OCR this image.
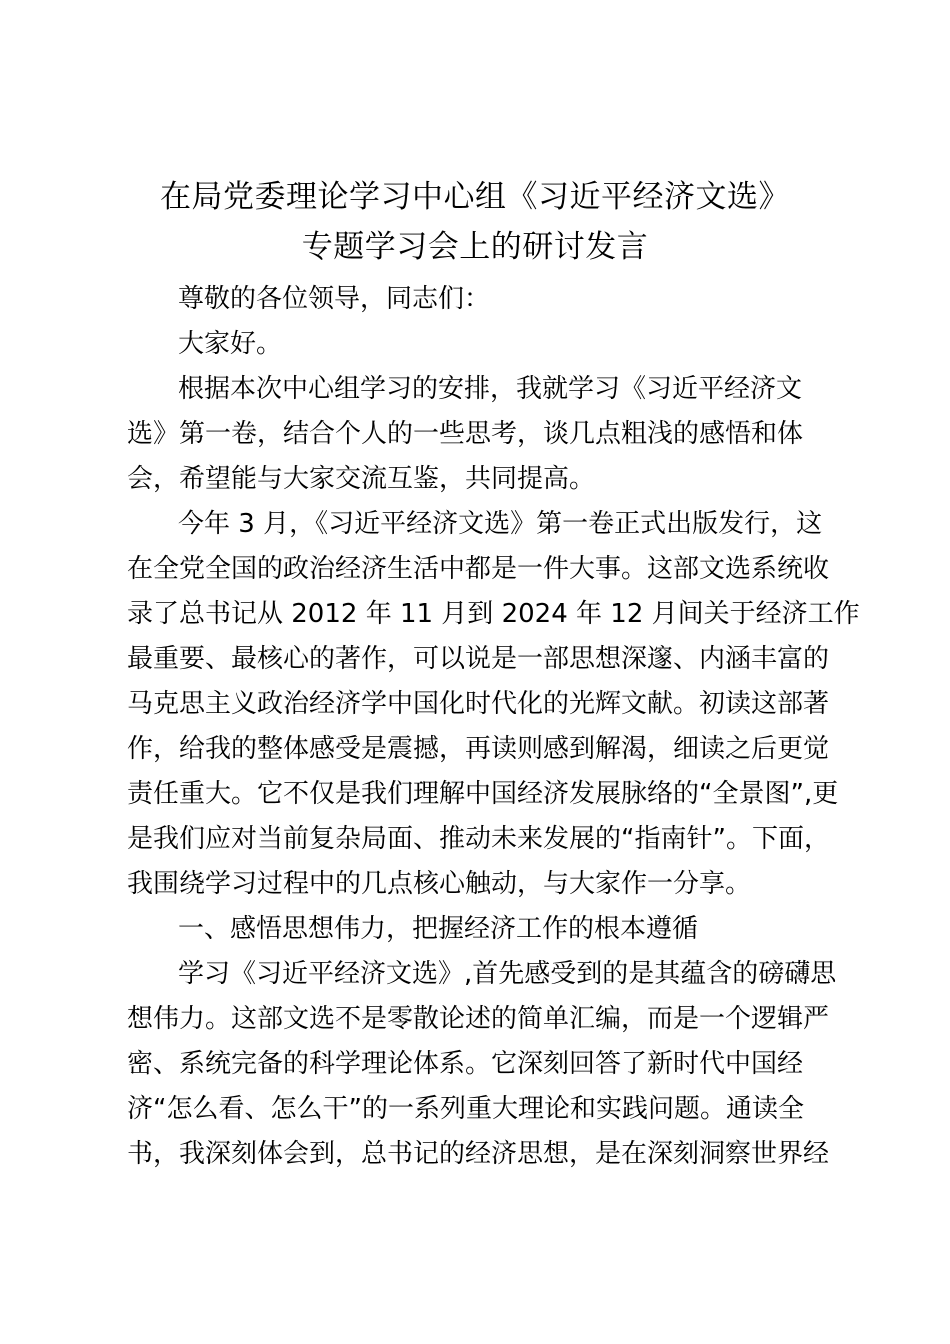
在局党委理论学习中心组《习近平经济文选》
专题学习会上的研讨发言

尊敬的各位领导，同志们：

大家好。

根据本次中心组学习的安排，我就学习《习近平经济文

选》第一卷，结合个人的一些思考，谈几点粗浅的感悟和体

会，希望能与大家交流互鉴，共同提高。

今年 3 月，《习近平经济文选》第一卷正式出版发行，这

在全党全国的政治经济生活中都是一件大事。这部文选系统收

录了总书记从 2012 年 11 月到 2024 年 12 月间关于经济工作

最重要、最核心的著作，可以说是一部思想深邃、内涵丰富的

马克思主义政治经济学中国化时代化的光辉文献。初读这部著

作，给我的整体感受是震撼，再读则感到解渴，细读之后更觉

责任重大。它不仅是我们理解中国经济发展脉络的“全景图”,更

是我们应对当前复杂局面、推动未来发展的“指南针”。下面，

我围绕学习过程中的几点核心触动，与大家作一分享。

一、感悟思想伟力，把握经济工作的根本遵循

学习《习近平经济文选》,首先感受到的是其蕴含的磅礴思

想伟力。这部文选不是零散论述的简单汇编，而是一个逻辑严

密、系统完备的科学理论体系。它深刻回答了新时代中国经

济“怎么看、怎么干”的一系列重大理论和实践问题。通读全

书，我深刻体会到，总书记的经济思想，是在深刻洞察世界经
